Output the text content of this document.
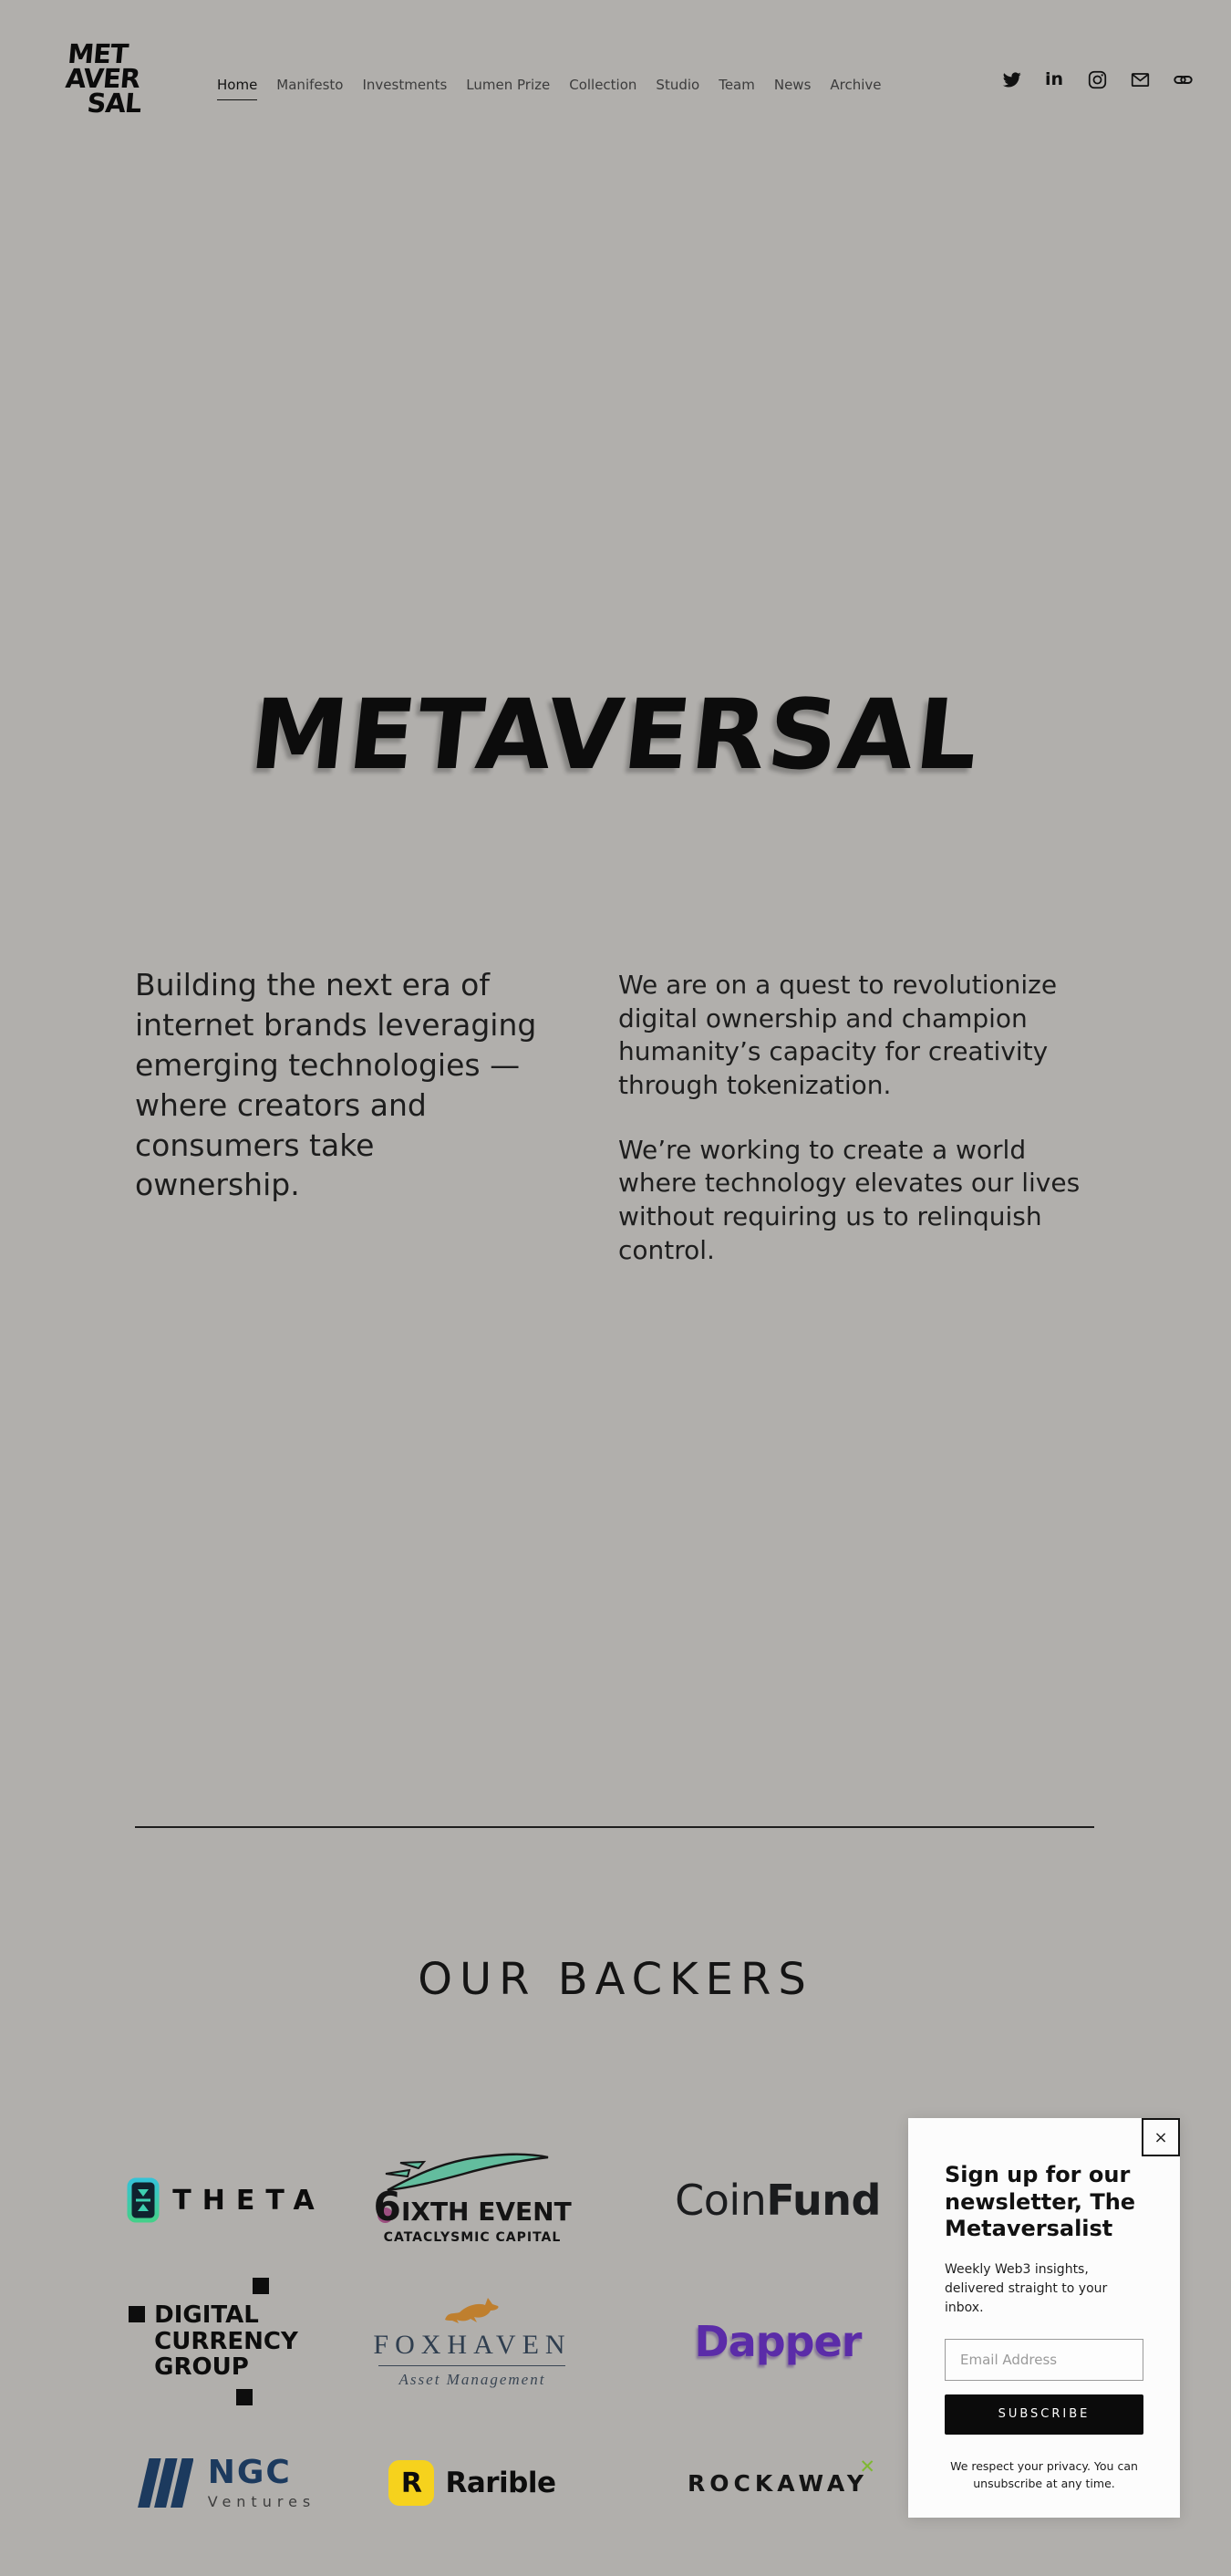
MET
AVER
SAL
Home Manifesto Investments Lumen Prize Collection Studio Team News Archive	in
METAVERSAL
Building the next era of internet brands leveraging emerging technologies — where creators and consumers take ownership.

We are on a quest to revolutionize digital ownership and champion humanity’s capacity for creativity through tokenization.

We’re working to create a world where technology elevates our lives without requiring us to relinquish control.

OUR BACKERS
THETA 6 IXTH EVENT
CATACLYSMIC CAPITAL
Coin Fund
DIGITAL
CURRENCY
GROUP
FOXHAVEN
Asset Management
Dapper
NGC
Ventures
R Rarible	ROCKAWAY
✕
×
Sign up for our newsletter, The Metaversalist
Weekly Web3 insights, delivered straight to your inbox.
Email Address SUBSCRIBE
We respect your privacy. You can unsubscribe at any time.
